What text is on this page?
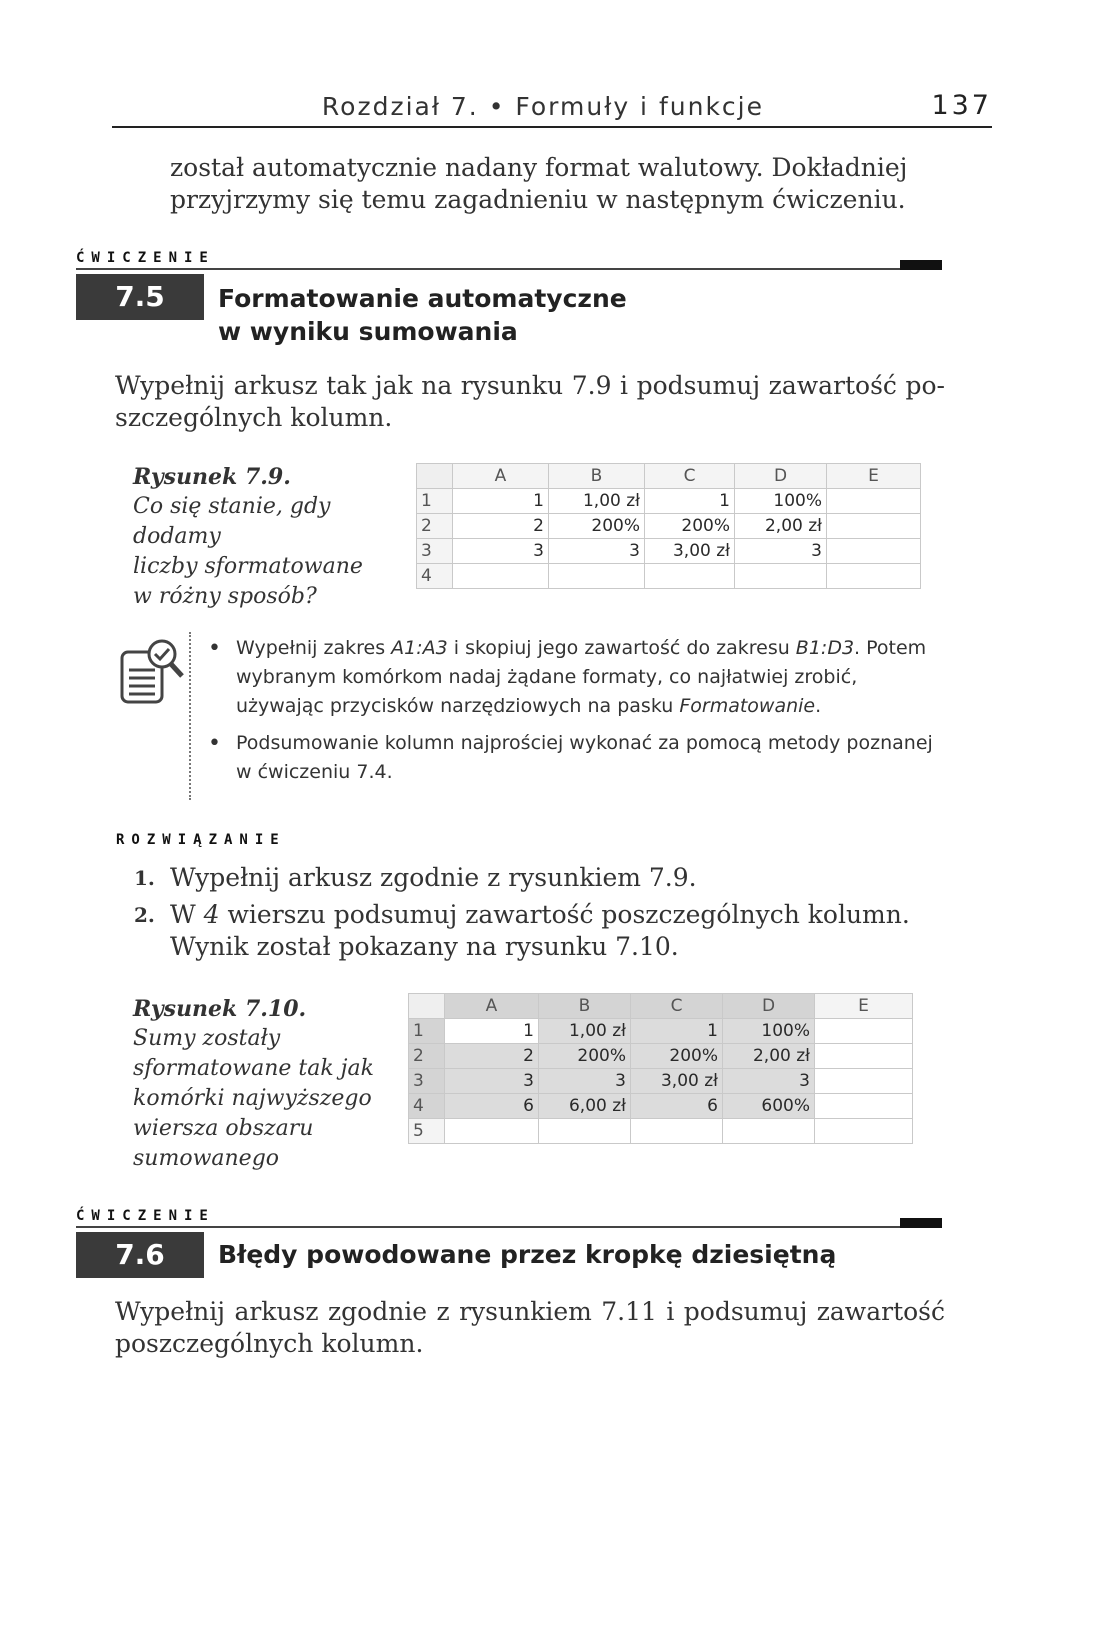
Rozdział 7. • Formuły i funkcje	137
został automatycznie nadany format walutowy. Dokładniej
przyjrzymy się temu zagadnieniu w następnym ćwiczeniu.
ĆWICZENIE
7.5	Formatowanie automatyczne
w wyniku sumowania
Wypełnij arkusz tak jak na rysunku 7.9 i podsumuj zawartość po-
szczególnych kolumn.
Rysunek 7.9.
Co się stanie, gdy dodamy
liczby sformatowane
w różny sposób?
	A	B	C	D	E
1	1	1,00 zł	1	100%	
2	2	200%	200%	2,00 zł	
3	3	3	3,00 zł	3	
4					
• Wypełnij zakres A1:A3 i skopiuj jego zawartość do zakresu B1:D3. Potem wybranym komórkom nadaj żądane formaty, co najłatwiej zrobić, używając przycisków narzędziowych na pasku Formatowanie.
• Podsumowanie kolumn najprościej wykonać za pomocą metody poznanej w ćwiczeniu 7.4.
ROZWIĄZANIE
1. Wypełnij arkusz zgodnie z rysunkiem 7.9.
2. W 4 wierszu podsumuj zawartość poszczególnych kolumn. Wynik został pokazany na rysunku 7.10.
Rysunek 7.10.
Sumy zostały
sformatowane tak jak
komórki najwyższego
wiersza obszaru
sumowanego
	A	B	C	D	E
1	1	1,00 zł	1	100%	
2	2	200%	200%	2,00 zł	
3	3	3	3,00 zł	3	
4	6	6,00 zł	6	600%	
5					
ĆWICZENIE
7.6	Błędy powodowane przez kropkę dziesiętną
Wypełnij arkusz zgodnie z rysunkiem 7.11 i podsumuj zawartość
poszczególnych kolumn.
